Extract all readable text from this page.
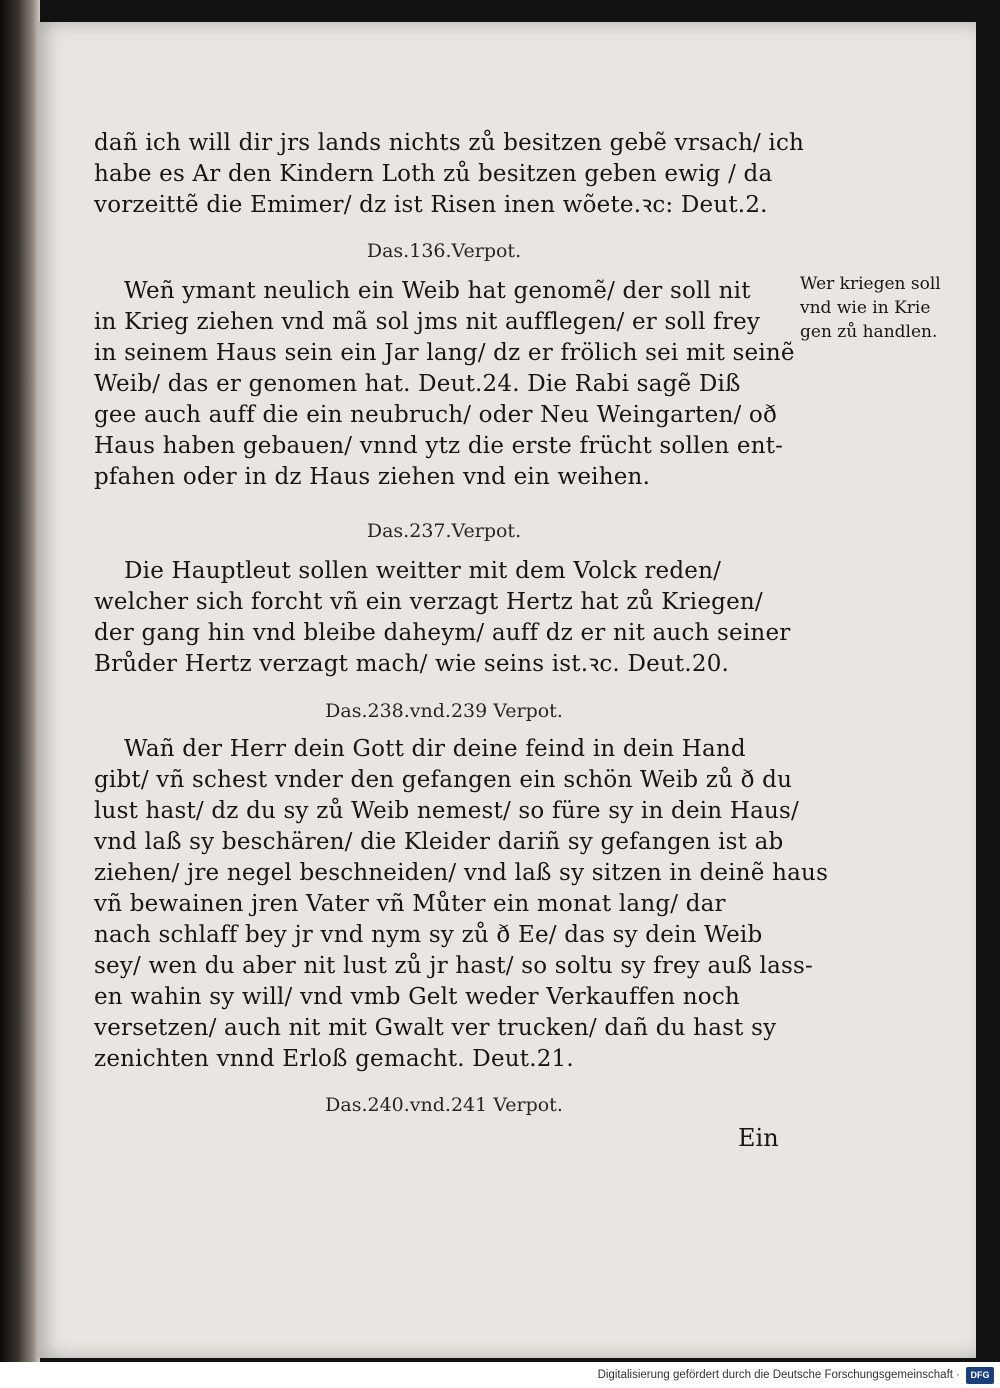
dañ ich will dir jrs lands nichts zů besitzen gebẽ vrsach/ ich
habe es Ar den Kindern Loth zů besitzen geben ewig / da
vorzeittẽ die Emimer/ dz ist Risen inen wõete.ꝛc: Deut.2.
Das.136.Verpot.
Weñ ymant neulich ein Weib hat genomẽ/ der soll nit
in Krieg ziehen vnd mã sol jms nit aufflegen/ er soll frey
in seinem Haus sein ein Jar lang/ dz er frölich sei mit seinẽ
Weib/ das er genomen hat. Deut.24. Die Rabi sagẽ Diß
gee auch auff die ein neubruch/ oder Neu Weingarten/ oð
Haus haben gebauen/ vnnd ytz die erste frücht sollen ent-
pfahen oder in dz Haus ziehen vnd ein weihen.
Das.237.Verpot.
Die Hauptleut sollen weitter mit dem Volck reden/
welcher sich forcht vñ ein verzagt Hertz hat zů Kriegen/
der gang hin vnd bleibe daheym/ auff dz er nit auch seiner
Brůder Hertz verzagt mach/ wie seins ist.ꝛc. Deut.20.
Das.238.vnd.239 Verpot.
Wañ der Herr dein Gott dir deine feind in dein Hand
gibt/ vñ schest vnder den gefangen ein schön Weib zů ð du
lust hast/ dz du sy zů Weib nemest/ so füre sy in dein Haus/
vnd laß sy beschären/ die Kleider dariñ sy gefangen ist ab
ziehen/ jre negel beschneiden/ vnd laß sy sitzen in deinẽ haus
vñ bewainen jren Vater vñ Můter ein monat lang/ dar
nach schlaff bey jr vnd nym sy zů ð Ee/ das sy dein Weib
sey/ wen du aber nit lust zů jr hast/ so soltu sy frey auß lass-
en wahin sy will/ vnd vmb Gelt weder Verkauffen noch
versetzen/ auch nit mit Gwalt ver trucken/ dañ du hast sy
zenichten vnnd Erloß gemacht. Deut.21.
Das.240.vnd.241 Verpot.
Ein
Wer kriegen soll
vnd wie in Krie
gen zů handlen.
Digitalisierung gefördert durch die Deutsche Forschungsgemeinschaft ·	DFG
